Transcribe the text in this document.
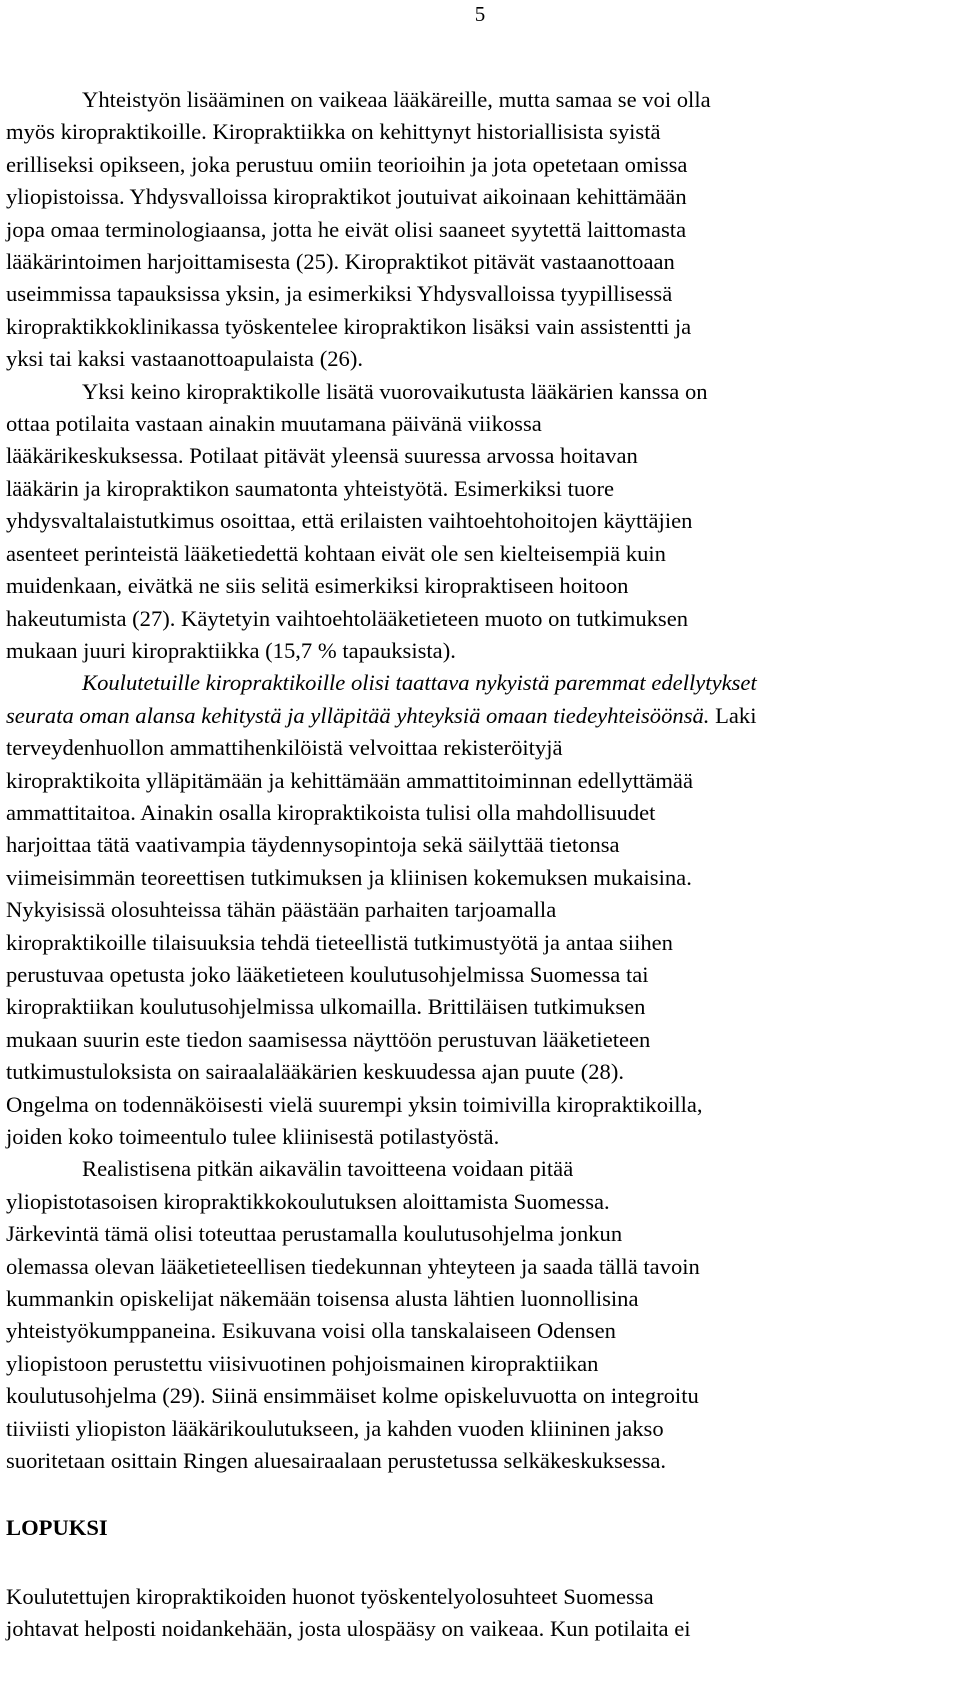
5
Yhteistyön lisääminen on vaikeaa lääkäreille, mutta samaa se voi olla
myös kiropraktikoille. Kiropraktiikka on kehittynyt historiallisista syistä
erilliseksi opikseen, joka perustuu omiin teorioihin ja jota opetetaan omissa
yliopistoissa. Yhdysvalloissa kiropraktikot joutuivat aikoinaan kehittämään
jopa omaa terminologiaansa, jotta he eivät olisi saaneet syytettä laittomasta
lääkärintoimen harjoittamisesta (25). Kiropraktikot pitävät vastaanottoaan
useimmissa tapauksissa yksin, ja esimerkiksi Yhdysvalloissa tyypillisessä
kiropraktikkoklinikassa työskentelee kiropraktikon lisäksi vain assistentti ja
yksi tai kaksi vastaanottoapulaista (26).
Yksi keino kiropraktikolle lisätä vuorovaikutusta lääkärien kanssa on
ottaa potilaita vastaan ainakin muutamana päivänä viikossa
lääkärikeskuksessa. Potilaat pitävät yleensä suuressa arvossa hoitavan
lääkärin ja kiropraktikon saumatonta yhteistyötä. Esimerkiksi tuore
yhdysvaltalaistutkimus osoittaa, että erilaisten vaihtoehtohoitojen käyttäjien
asenteet perinteistä lääketiedettä kohtaan eivät ole sen kielteisempiä kuin
muidenkaan, eivätkä ne siis selitä esimerkiksi kiropraktiseen hoitoon
hakeutumista (27). Käytetyin vaihtoehtolääketieteen muoto on tutkimuksen
mukaan juuri kiropraktiikka (15,7 % tapauksista).
Koulutetuille kiropraktikoille olisi taattava nykyistä paremmat edellytykset
seurata oman alansa kehitystä ja ylläpitää yhteyksiä omaan tiedeyhteisöönsä. Laki
terveydenhuollon ammattihenkilöistä velvoittaa rekisteröityjä
kiropraktikoita ylläpitämään ja kehittämään ammattitoiminnan edellyttämää
ammattitaitoa. Ainakin osalla kiropraktikoista tulisi olla mahdollisuudet
harjoittaa tätä vaativampia täydennysopintoja sekä säilyttää tietonsa
viimeisimmän teoreettisen tutkimuksen ja kliinisen kokemuksen mukaisina.
Nykyisissä olosuhteissa tähän päästään parhaiten tarjoamalla
kiropraktikoille tilaisuuksia tehdä tieteellistä tutkimustyötä ja antaa siihen
perustuvaa opetusta joko lääketieteen koulutusohjelmissa Suomessa tai
kiropraktiikan koulutusohjelmissa ulkomailla. Brittiläisen tutkimuksen
mukaan suurin este tiedon saamisessa näyttöön perustuvan lääketieteen
tutkimustuloksista on sairaalalääkärien keskuudessa ajan puute (28).
Ongelma on todennäköisesti vielä suurempi yksin toimivilla kiropraktikoilla,
joiden koko toimeentulo tulee kliinisestä potilastyöstä.
Realistisena pitkän aikavälin tavoitteena voidaan pitää
yliopistotasoisen kiropraktikkokoulutuksen aloittamista Suomessa.
Järkevintä tämä olisi toteuttaa perustamalla koulutusohjelma jonkun
olemassa olevan lääketieteellisen tiedekunnan yhteyteen ja saada tällä tavoin
kummankin opiskelijat näkemään toisensa alusta lähtien luonnollisina
yhteistyökumppaneina. Esikuvana voisi olla tanskalaiseen Odensen
yliopistoon perustettu viisivuotinen pohjoismainen kiropraktiikan
koulutusohjelma (29). Siinä ensimmäiset kolme opiskeluvuotta on integroitu
tiiviisti yliopiston lääkärikoulutukseen, ja kahden vuoden kliininen jakso
suoritetaan osittain Ringen aluesairaalaan perustetussa selkäkeskuksessa.
LOPUKSI
Koulutettujen kiropraktikoiden huonot työskentelyolosuhteet Suomessa
johtavat helposti noidankehään, josta ulospääsy on vaikeaa. Kun potilaita ei
